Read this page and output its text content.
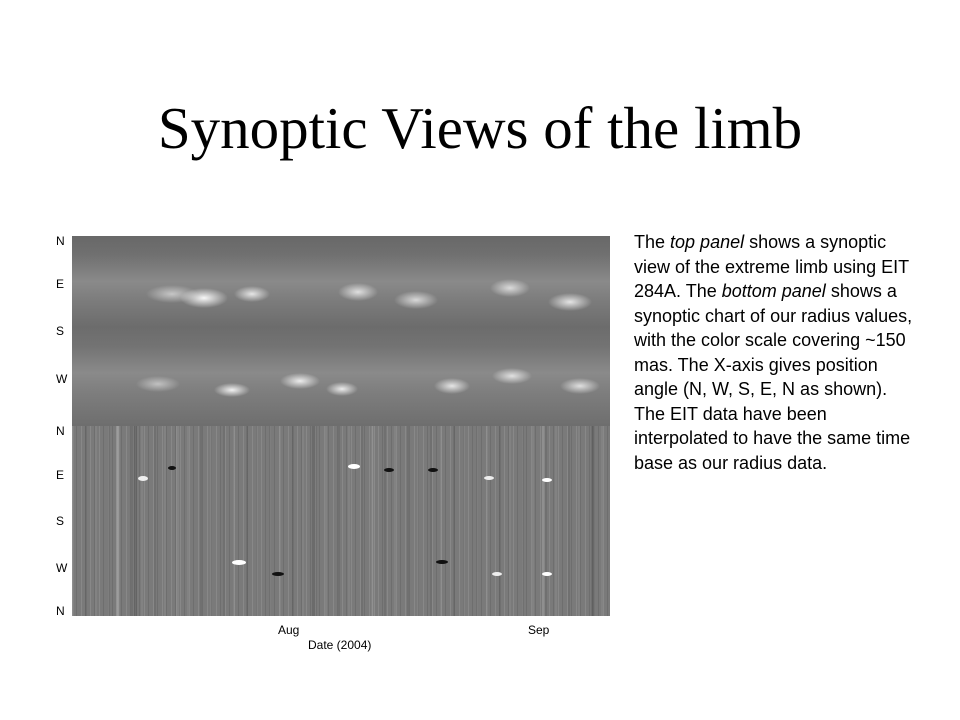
Synoptic Views of the limb
N
E
S
W
N
E
S
W
N
Aug	Sep
Date (2004)

The top panel shows a synoptic view of the extreme limb using EIT 284A. The bottom panel shows a synoptic chart of our radius values, with the color scale covering ~150 mas. The X-axis gives position angle (N, W, S, E, N as shown). The EIT data have been interpolated to have the same time base as our radius data.
